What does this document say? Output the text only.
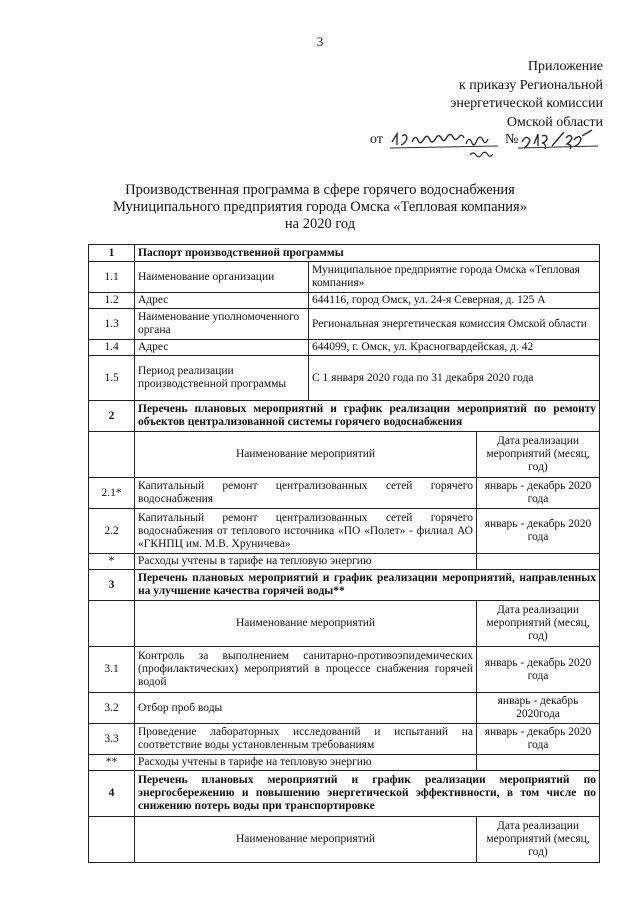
3
Приложение
к приказу Региональной
энергетической комиссии
Омской области
от	№
Производственная программа в сфере горячего водоснабжения
Муниципального предприятия города Омска «Тепловая компания»
на 2020 год
1	Паспорт производственной программы		
1.1	Наименование организации	Муниципальное предприятие города Омска «Тепловая компания»	
1.2	Адрес	644116, город Омск, ул. 24-я Северная, д. 125 А	
1.3	Наименование уполномоченного органа	Региональная энергетическая комиссия Омской области	
1.4	Адрес	644099, г. Омск, ул. Красногвардейская, д. 42	
1.5	Период реализации производственной программы	С 1 января 2020 года по 31 декабря 2020 года	
2	Перечень плановых мероприятий и график реализации мероприятий по ремонту объектов централизованной системы горячего водоснабжения		
	Наименование мероприятий		Дата реализации мероприятий (месяц, год)
2.1*	Капитальный ремонт централизованных сетей горячего водоснабжения		январь - декабрь 2020 года
2.2	Капитальный ремонт централизованных сетей горячего водоснабжения от теплового источника «ПО «Полет» - филиал АО «ГКНПЦ им. М.В. Хруничева»		январь - декабрь 2020 года
*	Расходы учтены в тарифе на тепловую энергию		
3	Перечень плановых мероприятий и график реализации мероприятий, направленных на улучшение качества горячей воды**		
	Наименование мероприятий		Дата реализации мероприятий (месяц, год)
3.1	Контроль за выполнением санитарно-противоэпидемических (профилактических) мероприятий в процессе снабжения горячей водой		январь - декабрь 2020 года
3.2	Отбор проб воды		январь - декабрь 2020года
3.3	Проведение лабораторных исследований и испытаний на соответствие воды установленным требованиям		январь - декабрь 2020 года
**	Расходы учтены в тарифе на тепловую энергию		
4	Перечень плановых мероприятий и график реализации мероприятий по энергосбережению и повышению энергетической эффективности, в том числе по снижению потерь воды при транспортировке		
	Наименование мероприятий		Дата реализации мероприятий (месяц, год)
